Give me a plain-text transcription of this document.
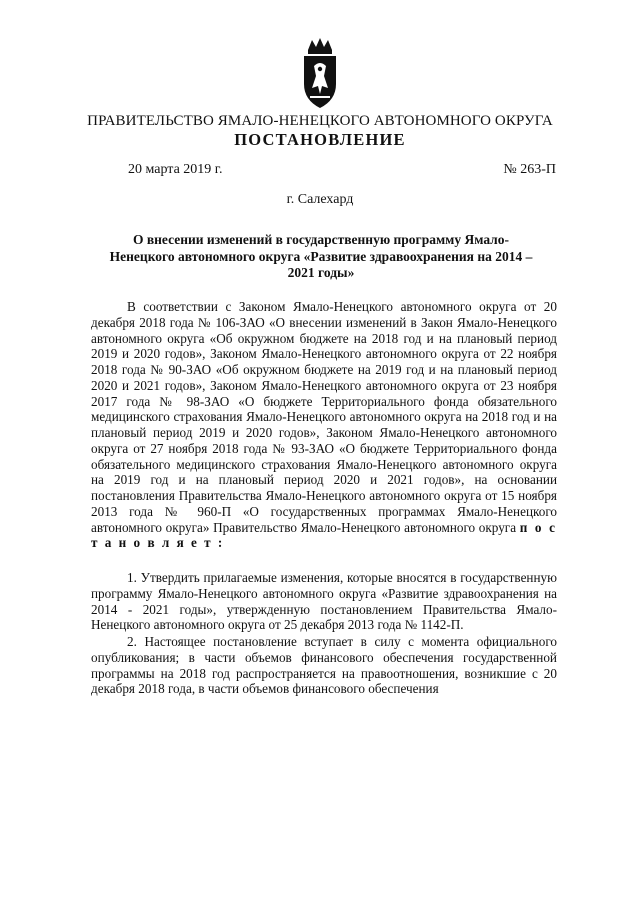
ПРАВИТЕЛЬСТВО ЯМАЛО-НЕНЕЦКОГО АВТОНОМНОГО ОКРУГА
ПОСТАНОВЛЕНИЕ
20 марта 2019 г.	№ 263-П
г. Салехард
О внесении изменений в государственную программу Ямало-Ненецкого автономного округа «Развитие здравоохранения на 2014 – 2021 годы»

В соответствии с Законом Ямало-Ненецкого автономного округа от 20 декабря 2018 года № 106-ЗАО «О внесении изменений в Закон Ямало-Ненецкого автономного округа «Об окружном бюджете на 2018 год и на плановый период 2019 и 2020 годов», Законом Ямало-Ненецкого автономного округа от 22 ноября 2018 года № 90-ЗАО «Об окружном бюджете на 2019 год и на плановый период 2020 и 2021 годов», Законом Ямало-Ненецкого автономного округа от 23 ноября 2017 года № 98-ЗАО «О бюджете Территориального фонда обязательного медицинского страхования Ямало-Ненецкого автономного округа на 2018 год и на плановый период 2019 и 2020 годов», Законом Ямало-Ненецкого автономного округа от 27 ноября 2018 года № 93-ЗАО «О бюджете Территориального фонда обязательного медицинского страхования Ямало-Ненецкого автономного округа на 2019 год и на плановый период 2020 и 2021 годов», на основании постановления Правительства Ямало-Ненецкого автономного округа от 15 ноября 2013 года № 960-П «О государственных программах Ямало-Ненецкого автономного округа» Правительство Ямало-Ненецкого автономного округа п о с т а н о в л я е т :

1. Утвердить прилагаемые изменения, которые вносятся в государственную программу Ямало-Ненецкого автономного округа «Развитие здравоохранения на 2014 - 2021 годы», утвержденную постановлением Правительства Ямало-Ненецкого автономного округа от 25 декабря 2013 года № 1142-П.

2. Настоящее постановление вступает в силу с момента официального опубликования; в части объемов финансового обеспечения государственной программы на 2018 год распространяется на правоотношения, возникшие с 20 декабря 2018 года, в части объемов финансового обеспечения
